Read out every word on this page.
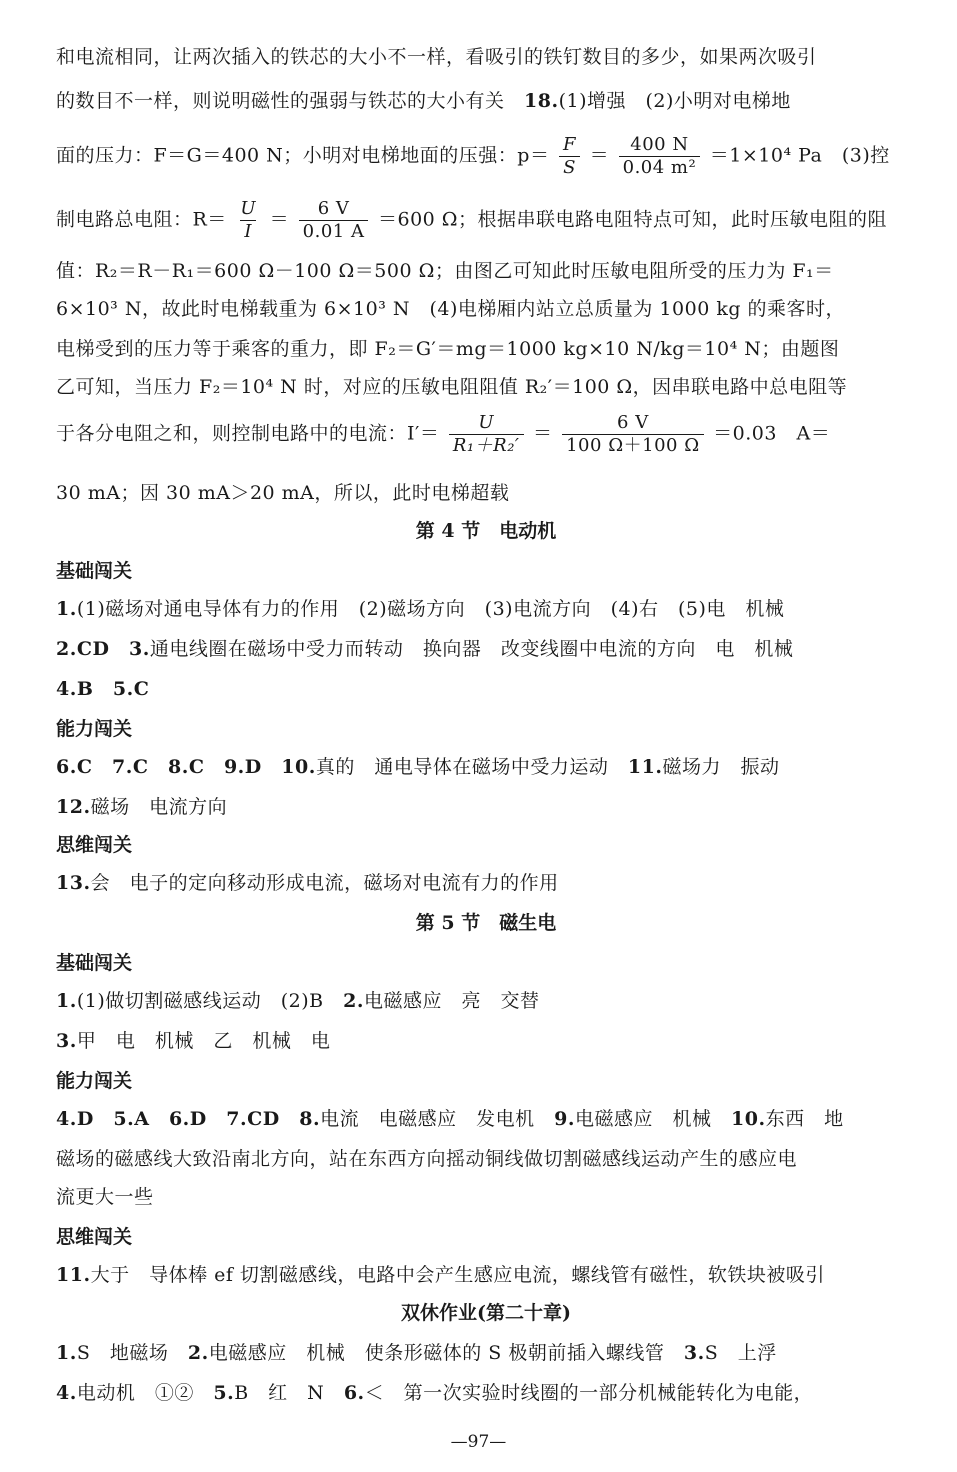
和电流相同，让两次插入的铁芯的大小不一样，看吸引的铁钉数目的多少，如果两次吸引
的数目不一样，则说明磁性的强弱与铁芯的大小有关　 18.(1)增强　(2)小明对电梯地
面的压力：F＝G＝400 N；小明对电梯地面的压强：$p= \frac{F}{S} = \frac{400 N}{\text{0.04 m²}} =1\times 10^4$ Pa　(3)控
制电路总电阻：$R= \frac{U}{I} = \frac{6 V}{0.01 A} =600$ Ω；根据串联电路电阻特点可知，此时压敏电阻的阻
值：R₂＝R－R₁＝600 Ω－100 Ω＝500 Ω；由图乙可知此时压敏电阻所受的压力为 F₁＝
6×10³ N，故此时电梯载重为 6×10³ N　(4)电梯厢内站立总质量为 1000 kg 的乘客时，
电梯受到的压力等于乘客的重力，即 F₂＝G′＝mg＝1000 kg×10 N/kg＝10⁴ N；由题图
乙可知，当压力 F₂＝10⁴ N 时，对应的压敏电阻阻值 R₂′＝100 Ω，因串联电路中总电阻等
于各分电阻之和，则控制电路中的电流：$I'= \frac{U}{\text{R₁＋R₂′}} = \frac{6 V}{100 \Omega+100 \Omega} =0.03$　A＝
30 mA；因 30 mA＞20 mA，所以，此时电梯超载
第 4 节　电动机
基础闯关
1.(1)磁场对通电导体有力的作用　(2)磁场方向　(3)电流方向　(4)右　(5)电　机械
2.CD　 3.通电线圈在磁场中受力而转动　换向器　改变线圈中电流的方向　电　机械
4.B　 5.C
能力闯关
6.C　 7.C　 8.C　 9.D　 10.真的　通电导体在磁场中受力运动　 11.磁场力　振动
12.磁场　电流方向
思维闯关
13.会　电子的定向移动形成电流，磁场对电流有力的作用
第 5 节　磁生电
基础闯关
1.(1)做切割磁感线运动　(2)B　 2.电磁感应　亮　交替
3.甲　电　机械　乙　机械　电
能力闯关
4.D　 5.A　 6.D　 7.CD　 8.电流　电磁感应　发电机　 9.电磁感应　机械　 10.东西　地
磁场的磁感线大致沿南北方向，站在东西方向摇动铜线做切割磁感线运动产生的感应电
流更大一些
思维闯关
11.大于　导体棒 ef 切割磁感线，电路中会产生感应电流，螺线管有磁性，软铁块被吸引
双休作业(第二十章)
1.S　地磁场　 2.电磁感应　机械　使条形磁体的 S 极朝前插入螺线管　 3.S　上浮
4.电动机　①②　 5.B　红　N　 6.＜　第一次实验时线圈的一部分机械能转化为电能，
—97—
